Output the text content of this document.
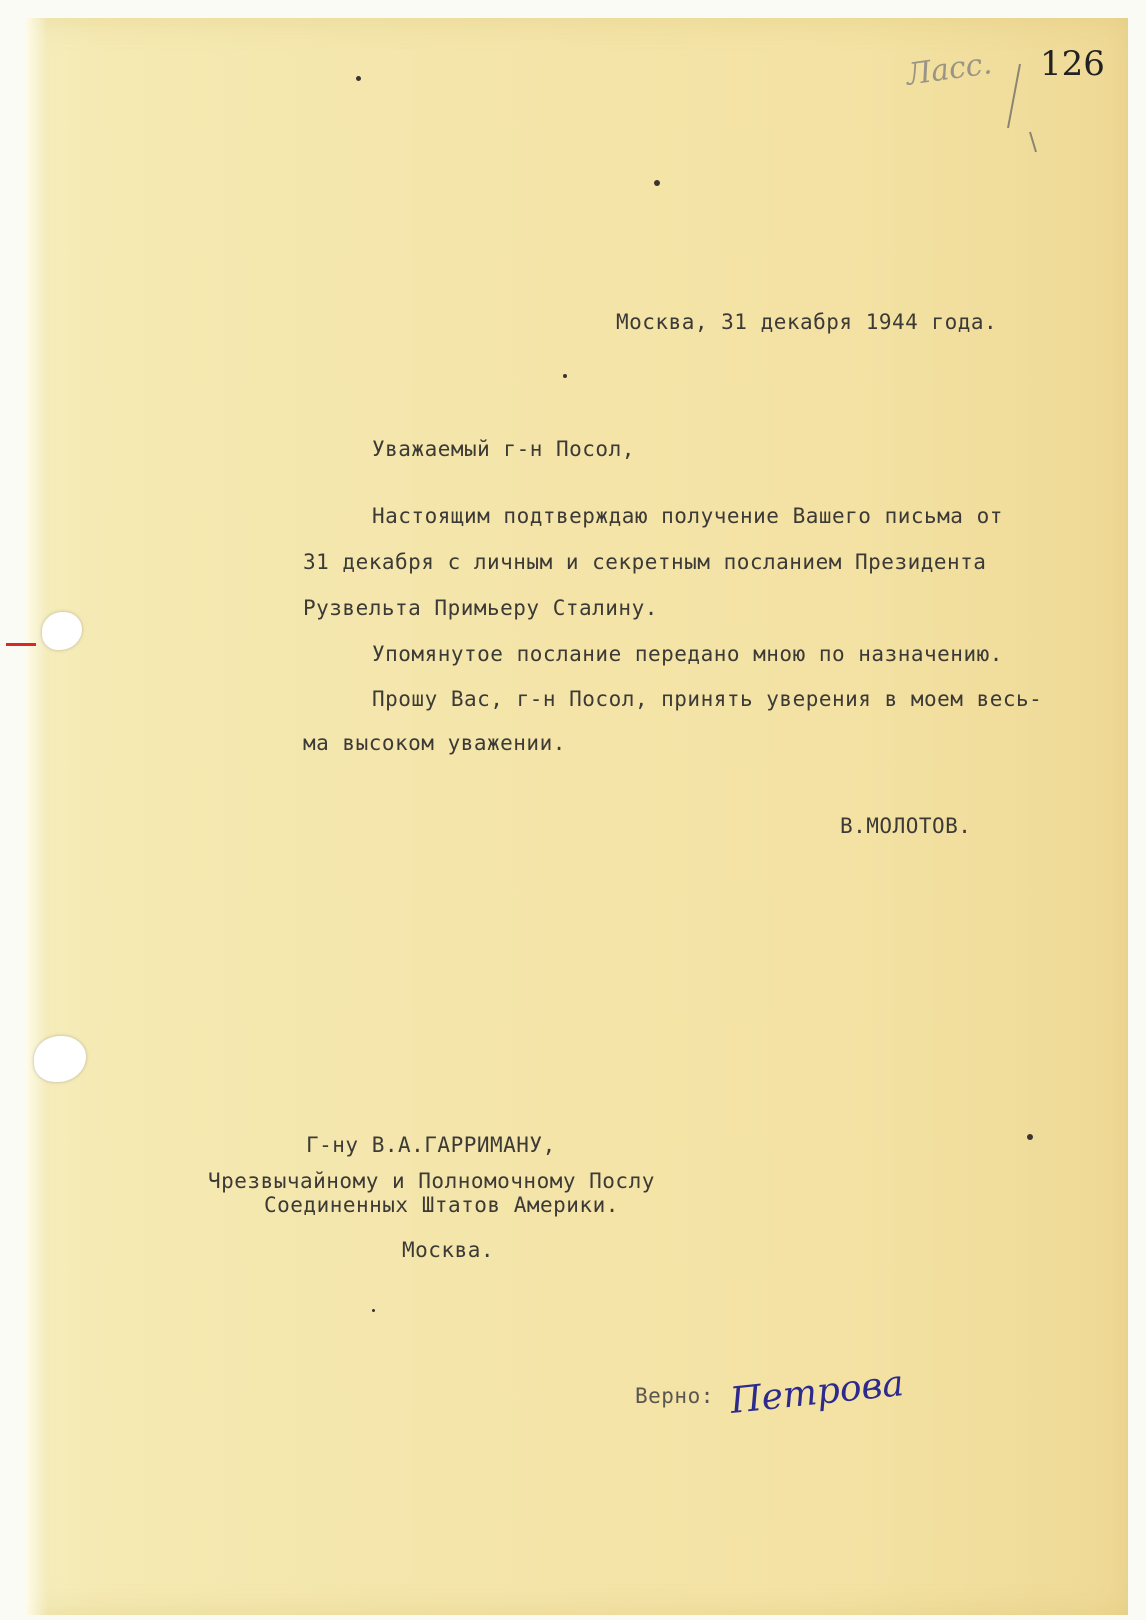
Ласс. 126
Москва, 31 декабря 1944 года.
Уважаемый г-н Посол,
Настоящим подтверждаю получение Вашего письма от
31 декабря с личным и секретным посланием Президента
Рузвельта Примьеру Сталину.
Упомянутое послание передано мною по назначению.
Прошу Вас, г-н Посол, принять уверения в моем весь-
ма высоком уважении.
В.МОЛОТОВ.
Г-ну В.А.ГАРРИМАНУ,
Чрезвычайному и Полномочному Послу
Соединенных Штатов Америки.
Москва.
Верно: Петрова
